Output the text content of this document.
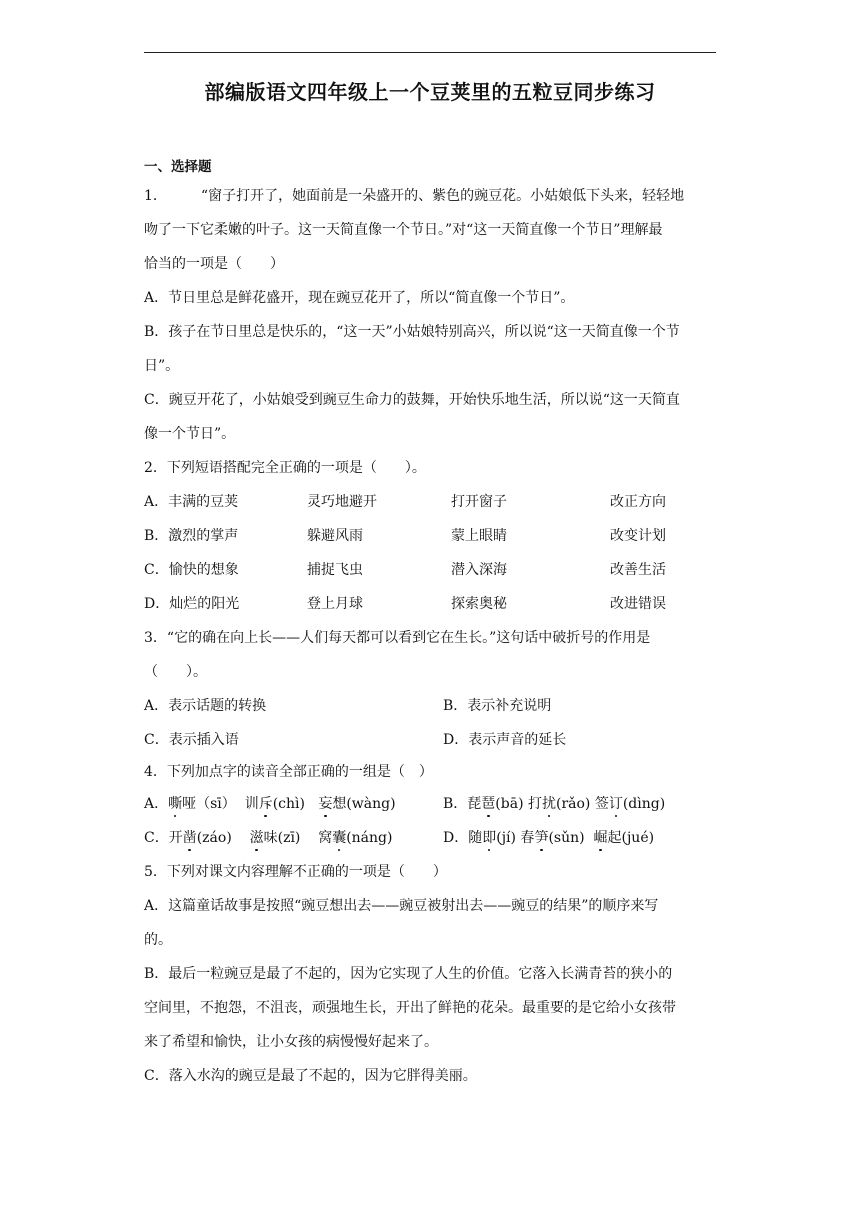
部编版语文四年级上一个豆荚里的五粒豆同步练习
一、选择题
1． “窗子打开了，她面前是一朵盛开的、紫色的豌豆花。小姑娘低下头来，轻轻地
吻了一下它柔嫩的叶子。这一天简直像一个节日。”对“这一天简直像一个节日”理解最
恰当的一项是（　　）
A．节日里总是鲜花盛开，现在豌豆花开了，所以“简直像一个节日”。
B．孩子在节日里总是快乐的，“这一天”小姑娘特别高兴，所以说“这一天简直像一个节
日”。
C．豌豆开花了，小姑娘受到豌豆生命力的鼓舞，开始快乐地生活，所以说“这一天简直
像一个节日”。
2．下列短语搭配完全正确的一项是（　　）。
A．丰满的豆荚	灵巧地避开	打开窗子	改正方向
B．激烈的掌声	躲避风雨	蒙上眼睛	改变计划
C．愉快的想象	捕捉飞虫	潜入深海	改善生活
D．灿烂的阳光	登上月球	探索奥秘	改进错误
3．“它的确在向上长——人们每天都可以看到它在生长。”这句话中破折号的作用是
（　　）。
A．表示话题的转换	B．表示补充说明
C．表示插入语	D．表示声音的延长
4．下列加点字的读音全部正确的一组是（　）
A．嘶哑（sī） 训斥(chì) 妄想(wàng)	B．琵琶(bā) 打扰(rǎo) 签订(dìng)
C．开凿(záo) 滋味(zī) 窝囊(náng)	D．随即(jí) 春笋(sǔn) 崛起(jué)
5．下列对课文内容理解不正确的一项是（　　）
A．这篇童话故事是按照“豌豆想出去——豌豆被射出去——豌豆的结果”的顺序来写
的。
B．最后一粒豌豆是最了不起的，因为它实现了人生的价值。它落入长满青苔的狭小的
空间里，不抱怨，不沮丧，顽强地生长，开出了鲜艳的花朵。最重要的是它给小女孩带
来了希望和愉快，让小女孩的病慢慢好起来了。
C．落入水沟的豌豆是最了不起的，因为它胖得美丽。
